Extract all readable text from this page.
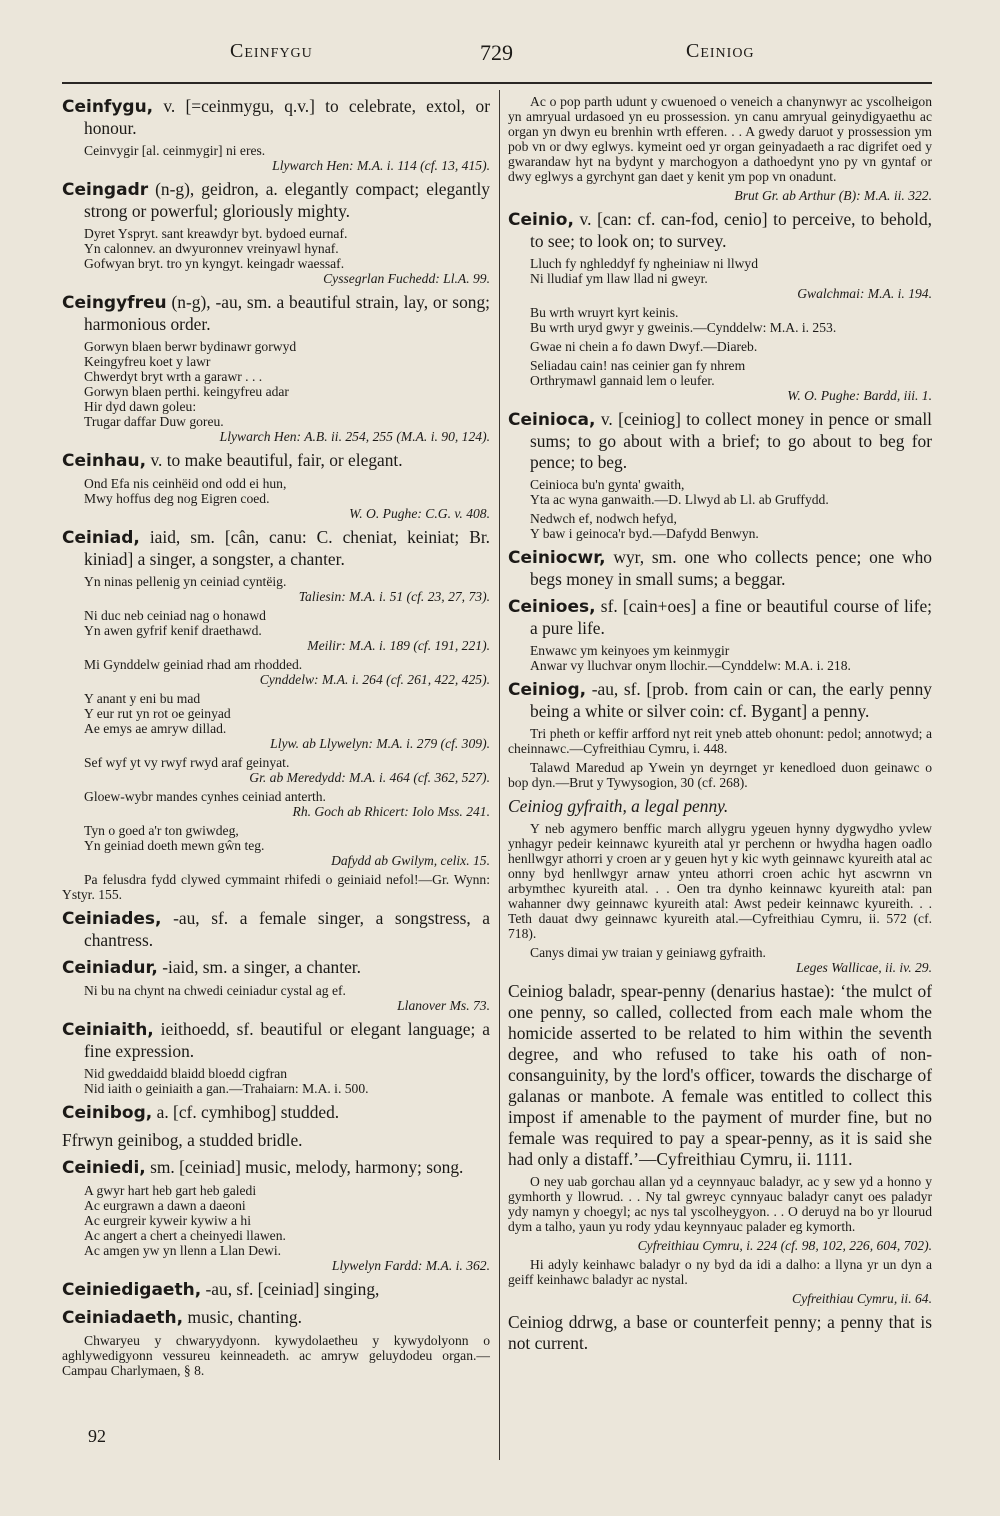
Ceinfygu	729	Ceiniog

Ceinfygu, v. [=ceinmygu, q.v.] to celebrate, extol, or honour.

Ceinvygir [al. ceinmygir] ni eres.
Llywarch Hen: M.A. i. 114 (cf. 13, 415).

Ceingadr (n-g), geidron, a. elegantly compact; elegantly strong or powerful; gloriously mighty.

Dyret Yspryt. sant kreawdyr byt. bydoed eurnaf.
Yn calonnev. an dwyuronnev vreinyawl hynaf.
Gofwyan bryt. tro yn kyngyt. keingadr waessaf.
Cyssegrlan Fuchedd: Ll.A. 99.

Ceingyfreu (n-g), -au, sm. a beautiful strain, lay, or song; harmonious order.

Gorwyn blaen berwr bydinawr gorwyd
Keingyfreu koet y lawr
Chwerdyt bryt wrth a garawr . . .
Gorwyn blaen perthi. keingyfreu adar
Hir dyd dawn goleu:
Trugar daffar Duw goreu.
Llywarch Hen: A.B. ii. 254, 255 (M.A. i. 90, 124).

Ceinhau, v. to make beautiful, fair, or elegant.

Ond Efa nis ceinhëid ond odd ei hun,
Mwy hoffus deg nog Eigren coed.
W. O. Pughe: C.G. v. 408.

Ceiniad, iaid, sm. [cân, canu: C. cheniat, keiniat; Br. kiniad] a singer, a songster, a chanter.

Yn ninas pellenig yn ceiniad cyntëig.
Taliesin: M.A. i. 51 (cf. 23, 27, 73).
Ni duc neb ceiniad nag o honawd
Yn awen gyfrif kenif draethawd.
Meilir: M.A. i. 189 (cf. 191, 221).
Mi Gynddelw geiniad rhad am rhodded.
Cynddelw: M.A. i. 264 (cf. 261, 422, 425).
Y anant y eni bu mad
Y eur rut yn rot oe geinyad
Ae emys ae amryw dillad.
Llyw. ab Llywelyn: M.A. i. 279 (cf. 309).
Sef wyf yt vy rwyf rwyd araf geinyat.
Gr. ab Meredydd: M.A. i. 464 (cf. 362, 527).
Gloew-wybr mandes cynhes ceiniad anterth.
Rh. Goch ab Rhicert: Iolo Mss. 241.
Tyn o goed a'r ton gwiwdeg,
Yn geiniad doeth mewn gŵn teg.
Dafydd ab Gwilym, celix. 15.

Pa felusdra fydd clywed cymmaint rhifedi o geiniaid nefol!—Gr. Wynn: Ystyr. 155.

Ceiniades, -au, sf. a female singer, a songstress, a chantress.

Ceiniadur, -iaid, sm. a singer, a chanter.

Ni bu na chynt na chwedi ceiniadur cystal ag ef.
Llanover Ms. 73.

Ceiniaith, ieithoedd, sf. beautiful or elegant language; a fine expression.

Nid gweddaidd blaidd bloedd cigfran
Nid iaith o geiniaith a gan.—Trahaiarn: M.A. i. 500.

Ceinibog, a. [cf. cymhibog] studded.

Ffrwyn geinibog, a studded bridle.

Ceiniedi, sm. [ceiniad] music, melody, harmony; song.

A gwyr hart heb gart heb galedi
Ac eurgrawn a dawn a daeoni
Ac eurgreir kyweir kywiw a hi
Ac angert a chert a cheinyedi llawen.
Ac amgen yw yn llenn a Llan Dewi.
Llywelyn Fardd: M.A. i. 362.

Ceiniedigaeth, -au, sf. [ceiniad] singing,

Ceiniadaeth, music, chanting.

Chwaryeu y chwaryydyonn. kywydolaetheu y kywydolyonn o aghlywedigyonn vessureu keinneadeth. ac amryw geluydodeu organ.—Campau Charlymaen, § 8.

Ac o pop parth udunt y cwuenoed o veneich a chanynwyr ac yscolheigon yn amryual urdasoed yn eu prossession. yn canu amryual geinydigyaethu ac organ yn dwyn eu brenhin wrth efferen. . . A gwedy daruot y prossession ym pob vn or dwy eglwys. kymeint oed yr organ geinyadaeth a rac digrifet oed y gwarandaw hyt na bydynt y marchogyon a dathoedynt yno py vn gyntaf or dwy eglwys a gyrchynt gan daet y kenit ym pop vn onadunt.

Brut Gr. ab Arthur (B): M.A. ii. 322.

Ceinio, v. [can: cf. can-fod, cenio] to perceive, to behold, to see; to look on; to survey.

Lluch fy nghleddyf fy ngheiniaw ni llwyd
Ni lludiaf ym llaw llad ni gweyr.
Gwalchmai: M.A. i. 194.
Bu wrth wruyrt kyrt keinis.
Bu wrth uryd gwyr y gweinis.—Cynddelw: M.A. i. 253.
Gwae ni chein a fo dawn Dwyf.—Diareb.
Seliadau cain! nas ceinier gan fy nhrem
Orthrymawl gannaid lem o leufer.
W. O. Pughe: Bardd, iii. 1.

Ceinioca, v. [ceiniog] to collect money in pence or small sums; to go about with a brief; to go about to beg for pence; to beg.

Ceinioca bu'n gynta' gwaith,
Yta ac wyna ganwaith.—D. Llwyd ab Ll. ab Gruffydd.
Nedwch ef, nodwch hefyd,
Y baw i geinoca'r byd.—Dafydd Benwyn.

Ceiniocwr, wyr, sm. one who collects pence; one who begs money in small sums; a beggar.

Ceinioes, sf. [cain+oes] a fine or beautiful course of life; a pure life.

Enwawc ym keinyoes ym keinmygir
Anwar vy lluchvar onym llochir.—Cynddelw: M.A. i. 218.

Ceiniog, -au, sf. [prob. from cain or can, the early penny being a white or silver coin: cf. Bygant] a penny.

Tri pheth or keffir arfford nyt reit yneb atteb ohonunt: pedol; annotwyd; a cheinnawc.—Cyfreithiau Cymru, i. 448.

Talawd Maredud ap Ywein yn deyrnget yr kenedloed duon geinawc o bop dyn.—Brut y Tywysogion, 30 (cf. 268).

Ceiniog gyfraith, a legal penny.

Y neb agymero benffic march allygru ygeuen hynny dygwydho yvlew ynhagyr pedeir keinnawc kyureith atal yr perchenn or hwydha hagen oadlo henllwgyr athorri y croen ar y geuen hyt y kic wyth geinnawc kyureith atal ac onny byd henllwgyr arnaw ynteu athorri croen achic hyt ascwrnn vn arbymthec kyureith atal. . . Oen tra dynho keinnawc kyureith atal: pan wahanner dwy geinnawc kyureith atal: Awst pedeir keinnawc kyureith. . . Teth dauat dwy geinnawc kyureith atal.—Cyfreithiau Cymru, ii. 572 (cf. 718).

Canys dimai yw traian y geiniawg gyfraith.
Leges Wallicae, ii. iv. 29.

Ceiniog baladr, spear-penny (denarius hastae): ‘the mulct of one penny, so called, collected from each male whom the homicide asserted to be related to him within the seventh degree, and who refused to take his oath of non-consanguinity, by the lord's officer, towards the discharge of galanas or manbote. A female was entitled to collect this impost if amenable to the payment of murder fine, but no female was required to pay a spear-penny, as it is said she had only a distaff.’—Cyfreithiau Cymru, ii. 1111.

O ney uab gorchau allan yd a ceynnyauc baladyr, ac y sew yd a honno y gymhorth y llowrud. . . Ny tal gwreyc cynnyauc baladyr canyt oes paladyr ydy namyn y choegyl; ac nys tal yscolheygyon. . . O deruyd na bo yr llourud dym a talho, yaun yu rody ydau keynnyauc palader eg kymorth.

Cyfreithiau Cymru, i. 224 (cf. 98, 102, 226, 604, 702).

Hi adyly keinhawc baladyr o ny byd da idi a dalho: a llyna yr un dyn a geiff keinhawc baladyr ac nystal.

Cyfreithiau Cymru, ii. 64.

Ceiniog ddrwg, a base or counterfeit penny; a penny that is not current.

92
